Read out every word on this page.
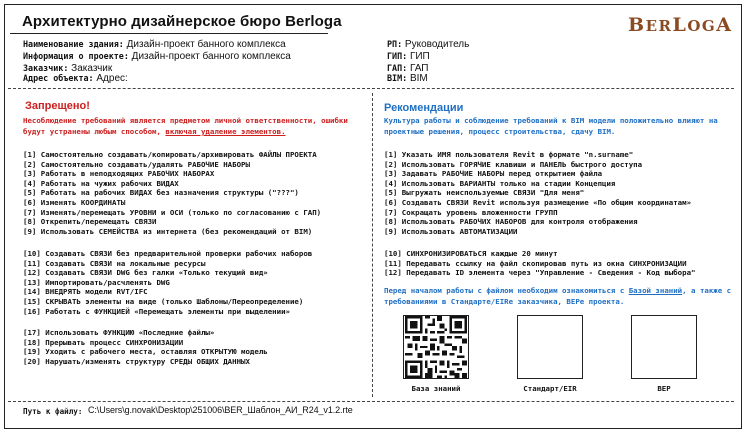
Архитектурно дизайнерское бюро Berloga	BERLOGA
Наименование здания: Дизайн-проект банного комплекса
Информация о проекте: Дизайн-проект банного комплекса
Заказчик: Заказчик
Адрес объекта: Адрес:
РП: Руководитель
ГИП: ГИП
ГАП: ГАП
BIM: BIM
Запрещено!
Несоблюдение требований является предметом личной ответственности, ошибки будут устранены любым способом, включая удаление элементов.
[1] Самостоятельно создавать/копировать/архивировать ФАЙЛЫ ПРОЕКТА
[2] Самостоятельно создавать/удалять РАБОЧИЕ НАБОРЫ
[3] Работать в неподходящих РАБОЧИХ НАБОРАХ
[4] Работать на чужих рабочих ВИДАХ
[5] Работать на рабочих ВИДАХ без назначения структуры ("???")
[6] Изменять КООРДИНАТЫ
[7] Изменять/перемещать УРОВНИ и ОСИ (только по согласованию с ГАП)
[8] Открепить/перемещать СВЯЗИ
[9] Использовать СЕМЕЙСТВА из интернета (без рекомендаций от BIM)
[10] Создавать СВЯЗИ без предварительной проверки рабочих наборов
[11] Создавать СВЯЗИ на локальные ресурсы
[12] Создавать СВЯЗИ DWG без галки «Только текущий вид»
[13] Импортировать/расчленять DWG
[14] ВНЕДРЯТЬ модели RVT/IFC
[15] СКРЫВАТЬ элементы на виде (только Шаблоны/Переопределение)
[16] Работать с ФУНКЦИЕЙ «Перемещать элементы при выделении»
[17] Использовать ФУНКЦИЮ «Последние файлы»
[18] Прерывать процесс СИНХРОНИЗАЦИИ
[19] Уходить с рабочего места, оставляя ОТКРЫТУЮ модель
[20] Нарушать/изменять структуру СРЕДЫ ОБЩИХ ДАННЫХ
Рекомендации
Культура работы и соблюдение требований к BIM модели положительно влияют на проектные решения, процесс строительства, сдачу BIM.
[1] Указать ИМЯ пользователя Revit в формате "n.surname"
[2] Использовать ГОРЯЧИЕ клавиши и ПАНЕЛЬ быстрого доступа
[3] Задавать РАБОЧИЕ НАБОРЫ перед открытием файла
[4] Использовать ВАРИАНТЫ только на стадии Концепция
[5] Выгружать неиспользуемые СВЯЗИ "Для меня"
[6] Создавать СВЯЗИ Revit используя размещение «По общим координатам»
[7] Сокращать уровень вложенности ГРУПП
[8] Использовать РАБОЧИХ НАБОРОВ для контроля отображения
[9] Использовать АВТОМАТИЗАЦИИ
[10] СИНХРОНИЗИРОВАТЬСЯ каждые 20 минут
[11] Передавать ссылку на файл скопировав путь из окна СИНХРОНИЗАЦИИ
[12] Передавать ID элемента через "Управление - Сведения - Код выбора"
Перед началом работы с файлом необходим ознакомиться с Базой знаний, а также с требованиями в Стандарте/EIRe заказчика, BEPe проекта.
База знаний	Стандарт/EIR	BEP
Путь к файлу: C:\Users\g.novak\Desktop\251006\BER_Шаблон_АИ_R24_v1.2.rte
